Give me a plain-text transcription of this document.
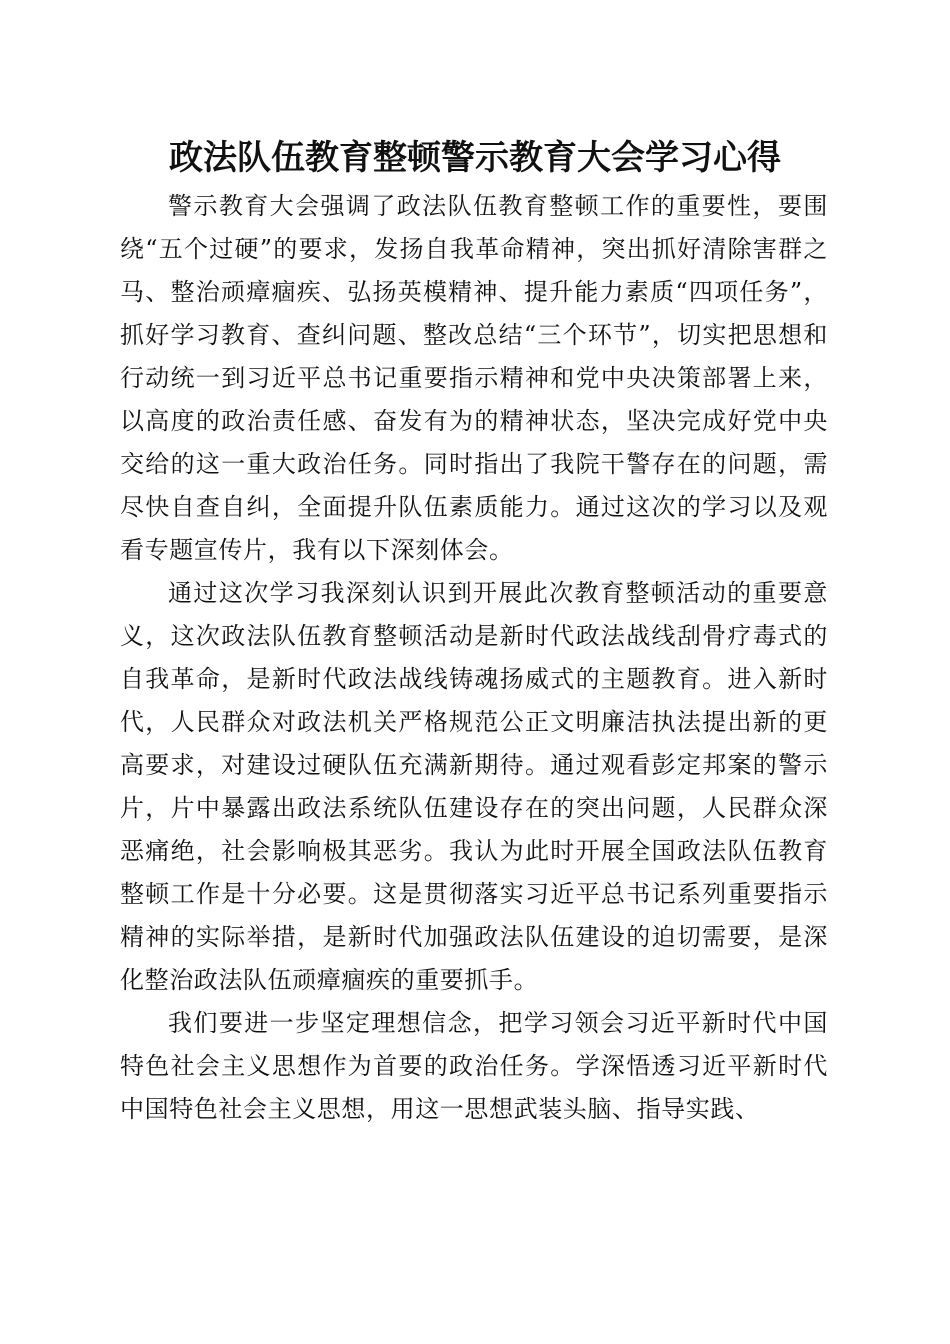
政法队伍教育整顿警示教育大会学习心得

警示教育大会强调了政法队伍教育整顿工作的重要性，要围绕“五个过硬”的要求，发扬自我革命精神，突出抓好清除害群之马、整治顽瘴痼疾、弘扬英模精神、提升能力素质“四项任务”，抓好学习教育、查纠问题、整改总结“三个环节”，切实把思想和行动统一到习近平总书记重要指示精神和党中央决策部署上来，以高度的政治责任感、奋发有为的精神状态，坚决完成好党中央交给的这一重大政治任务。同时指出了我院干警存在的问题，需尽快自查自纠，全面提升队伍素质能力。通过这次的学习以及观看专题宣传片，我有以下深刻体会。

通过这次学习我深刻认识到开展此次教育整顿活动的重要意义，这次政法队伍教育整顿活动是新时代政法战线刮骨疗毒式的自我革命，是新时代政法战线铸魂扬威式的主题教育。进入新时代，人民群众对政法机关严格规范公正文明廉洁执法提出新的更高要求，对建设过硬队伍充满新期待。通过观看彭定邦案的警示片，片中暴露出政法系统队伍建设存在的突出问题，人民群众深恶痛绝，社会影响极其恶劣。我认为此时开展全国政法队伍教育整顿工作是十分必要。这是贯彻落实习近平总书记系列重要指示精神的实际举措，是新时代加强政法队伍建设的迫切需要，是深化整治政法队伍顽瘴痼疾的重要抓手。

我们要进一步坚定理想信念，把学习领会习近平新时代中国特色社会主义思想作为首要的政治任务。学深悟透习近平新时代中国特色社会主义思想，用这一思想武装头脑、指导实践、
